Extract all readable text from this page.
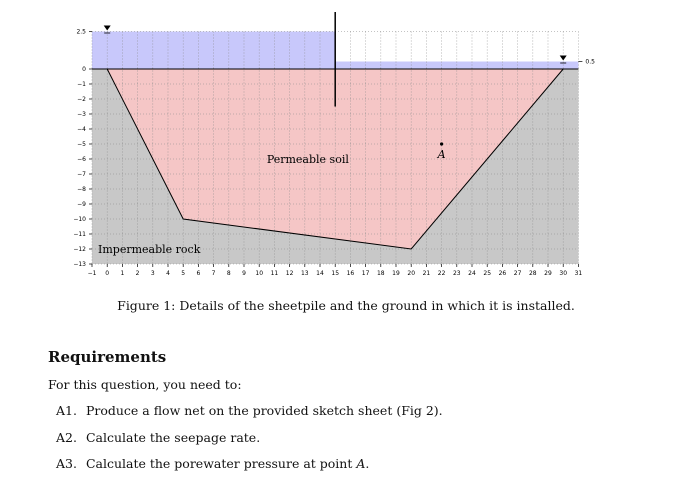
2.5
0
−1
−2
−3
−4
−5
−6
−7
−8
−9
−10
−11
−12
−13
−1 0 1 2 3 4 5 6 7 8 9 10 11 12 13 14 15 16 17 18 19 20 21 22 23 24 25 26 27 28 29 30 31
0.5
A
Permeable soil
Impermeable rock
Figure 1: Details of the sheetpile and the ground in which it is installed.
Requirements
For this question, you need to:
A1. Produce a flow net on the provided sketch sheet (Fig 2).
A2. Calculate the seepage rate.
A3. Calculate the porewater pressure at point A.
